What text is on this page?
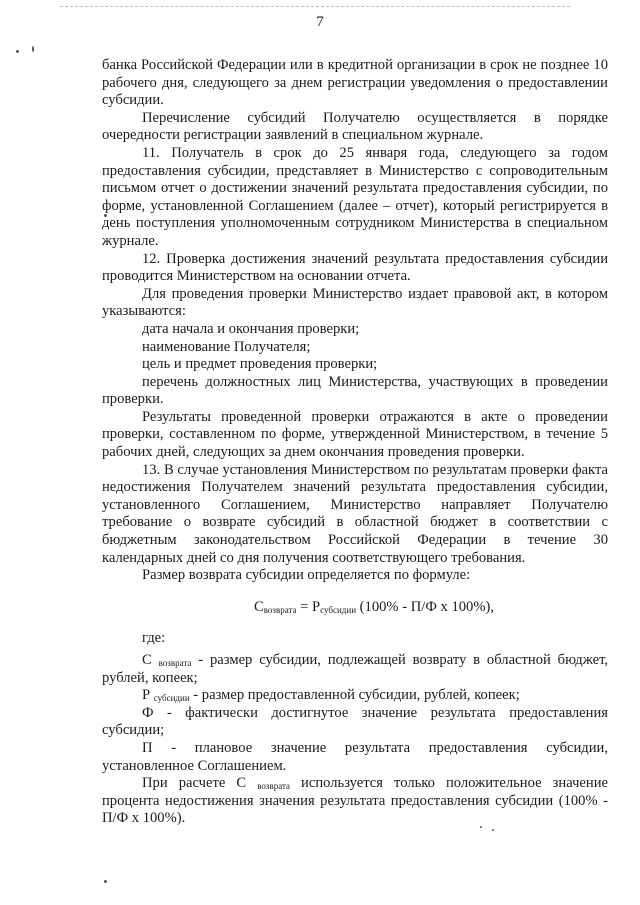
7

банка Российской Федерации или в кредитной организации в срок не позднее 10 рабочего дня, следующего за днем регистрации уведомления о предоставлении субсидии.

Перечисление субсидий Получателю осуществляется в порядке очередности регистрации заявлений в специальном журнале.

11. Получатель в срок до 25 января года, следующего за годом предоставления субсидии, представляет в Министерство с сопроводительным письмом отчет о достижении значений результата предоставления субсидии, по форме, установленной Соглашением (далее – отчет), который регистрируется в день поступления уполномоченным сотрудником Министерства в специальном журнале.

12. Проверка достижения значений результата предоставления субсидии проводится Министерством на основании отчета.

Для проведения проверки Министерство издает правовой акт, в котором указываются:

дата начала и окончания проверки;

наименование Получателя;

цель и предмет проведения проверки;

перечень должностных лиц Министерства, участвующих в проведении проверки.

Результаты проведенной проверки отражаются в акте о проведении проверки, составленном по форме, утвержденной Министерством, в течение 5 рабочих дней, следующих за днем окончания проведения проверки.

13. В случае установления Министерством по результатам проверки факта недостижения Получателем значений результата предоставления субсидии, установленного Соглашением, Министерство направляет Получателю требование о возврате субсидий в областной бюджет в соответствии с бюджетным законодательством Российской Федерации в течение 30 календарных дней со дня получения соответствующего требования.

Размер возврата субсидии определяется по формуле:

$С_{возврата} = Р_{субсидии}$ (100% - П/Ф х 100%),

где:

С $_{возврата}$ - размер субсидии, подлежащей возврату в областной бюджет, рублей, копеек;

Р $_{субсидии}$ - размер предоставленной субсидии, рублей, копеек;

Ф - фактически достигнутое значение результата предоставления субсидии;

П - плановое значение результата предоставления субсидии, установленное Соглашением.

При расчете С $_{возврата}$ используется только положительное значение процента недостижения значения результата предоставления субсидии (100% - П/Ф х 100%).
